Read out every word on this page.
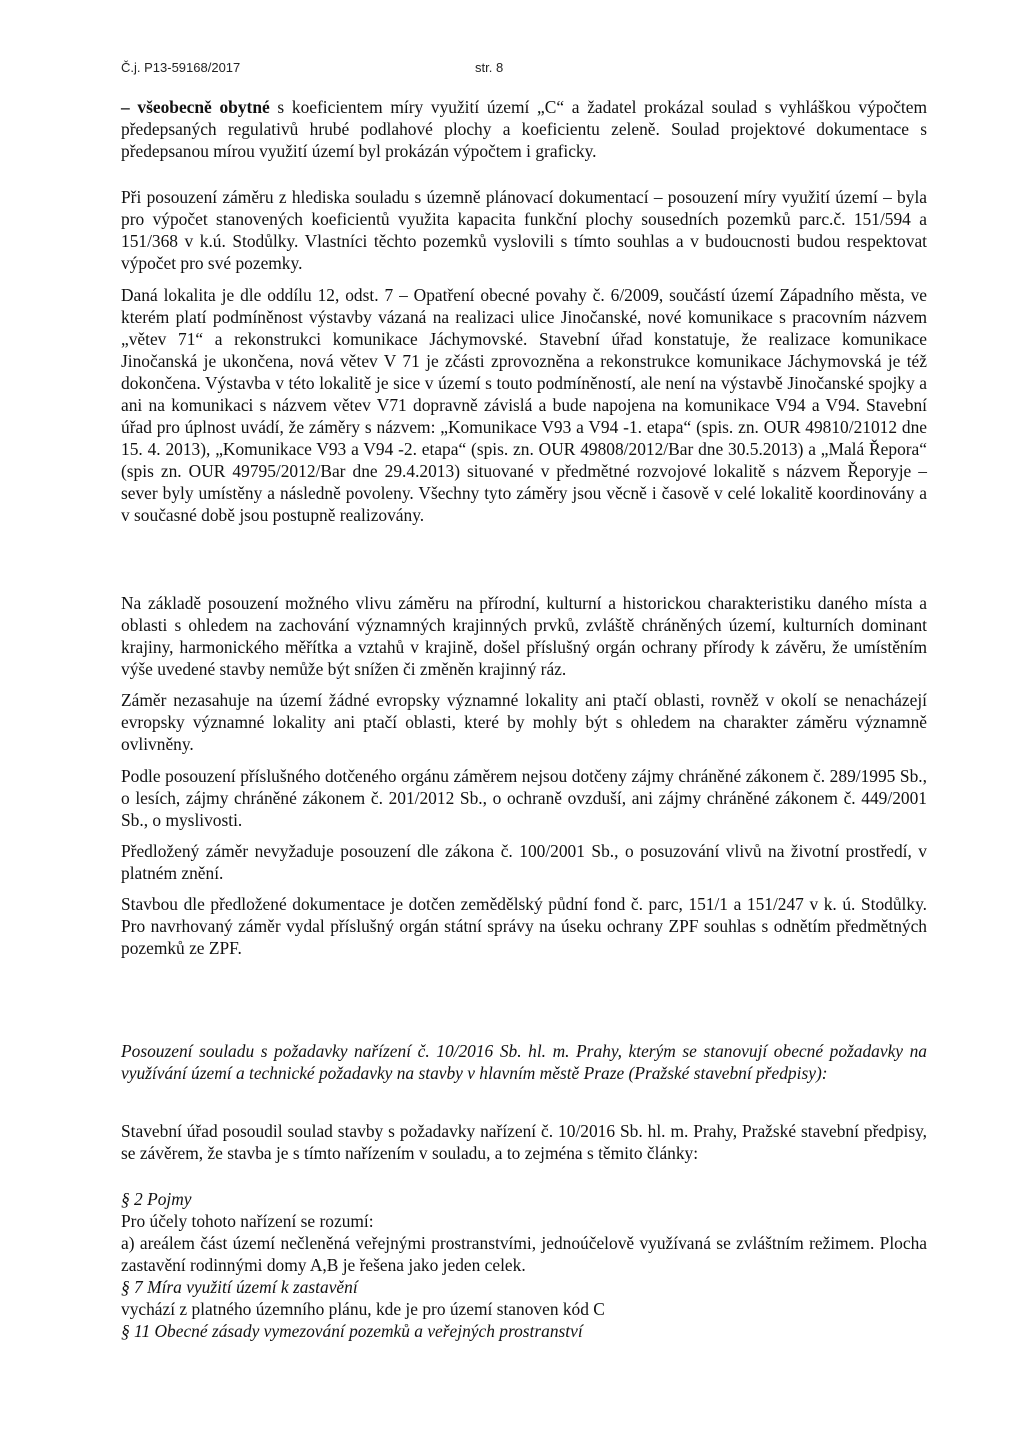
Č.j. P13-59168/2017	str. 8

– všeobecně obytné s koeficientem míry využití území „C“ a žadatel prokázal soulad s vyhláškou výpočtem předepsaných regulativů hrubé podlahové plochy a koeficientu zeleně. Soulad projektové dokumentace s předepsanou mírou využití území byl prokázán výpočtem i graficky.

Při posouzení záměru z hlediska souladu s územně plánovací dokumentací – posouzení míry využití území – byla pro výpočet stanovených koeficientů využita kapacita funkční plochy sousedních pozemků parc.č. 151/594 a 151/368 v k.ú. Stodůlky. Vlastníci těchto pozemků vyslovili s tímto souhlas a v budoucnosti budou respektovat výpočet pro své pozemky.

Daná lokalita je dle oddílu 12, odst. 7 – Opatření obecné povahy č. 6/2009, součástí území Západního města, ve kterém platí podmíněnost výstavby vázaná na realizaci ulice Jinočanské, nové komunikace s pracovním názvem „větev 71“ a rekonstrukci komunikace Jáchymovské. Stavební úřad konstatuje, že realizace komunikace Jinočanská je ukončena, nová větev V 71 je zčásti zprovozněna a rekonstrukce komunikace Jáchymovská je též dokončena. Výstavba v této lokalitě je sice v území s touto podmíněností, ale není na výstavbě Jinočanské spojky a ani na komunikaci s názvem větev V71 dopravně závislá a bude napojena na komunikace V94 a V94. Stavební úřad pro úplnost uvádí, že záměry s názvem: „Komunikace V93 a V94 -1. etapa“ (spis. zn. OUR 49810/21012 dne 15. 4. 2013), „Komunikace V93 a V94 -2. etapa“ (spis. zn. OUR 49808/2012/Bar dne 30.5.2013) a „Malá Řepora“ (spis zn. OUR 49795/2012/Bar dne 29.4.2013) situované v předmětné rozvojové lokalitě s názvem Řeporyje – sever byly umístěny a následně povoleny. Všechny tyto záměry jsou věcně i časově v celé lokalitě koordinovány a v současné době jsou postupně realizovány.

Na základě posouzení možného vlivu záměru na přírodní, kulturní a historickou charakteristiku daného místa a oblasti s ohledem na zachování významných krajinných prvků, zvláště chráněných území, kulturních dominant krajiny, harmonického měřítka a vztahů v krajině, došel příslušný orgán ochrany přírody k závěru, že umístěním výše uvedené stavby nemůže být snížen či změněn krajinný ráz.

Záměr nezasahuje na území žádné evropsky významné lokality ani ptačí oblasti, rovněž v okolí se nenacházejí evropsky významné lokality ani ptačí oblasti, které by mohly být s ohledem na charakter záměru významně ovlivněny.

Podle posouzení příslušného dotčeného orgánu záměrem nejsou dotčeny zájmy chráněné zákonem č. 289/1995 Sb., o lesích, zájmy chráněné zákonem č. 201/2012 Sb., o ochraně ovzduší, ani zájmy chráněné zákonem č. 449/2001 Sb., o myslivosti.

Předložený záměr nevyžaduje posouzení dle zákona č. 100/2001 Sb., o posuzování vlivů na životní prostředí, v platném znění.

Stavbou dle předložené dokumentace je dotčen zemědělský půdní fond č. parc, 151/1 a 151/247 v k. ú. Stodůlky. Pro navrhovaný záměr vydal příslušný orgán státní správy na úseku ochrany ZPF souhlas s odnětím předmětných pozemků ze ZPF.

Posouzení souladu s požadavky nařízení č. 10/2016 Sb. hl. m. Prahy, kterým se stanovují obecné požadavky na využívání území a technické požadavky na stavby v hlavním městě Praze (Pražské stavební předpisy):

Stavební úřad posoudil soulad stavby s požadavky nařízení č. 10/2016 Sb. hl. m. Prahy, Pražské stavební předpisy, se závěrem, že stavba je s tímto nařízením v souladu, a to zejména s těmito články:

§ 2 Pojmy
Pro účely tohoto nařízení se rozumí:
a) areálem část území nečleněná veřejnými prostranstvími, jednoúčelově využívaná se zvláštním režimem. Plocha zastavění rodinnými domy A,B je řešena jako jeden celek.
§ 7 Míra využití území k zastavění
vychází z platného územního plánu, kde je pro území stanoven kód C
§ 11 Obecné zásady vymezování pozemků a veřejných prostranství
